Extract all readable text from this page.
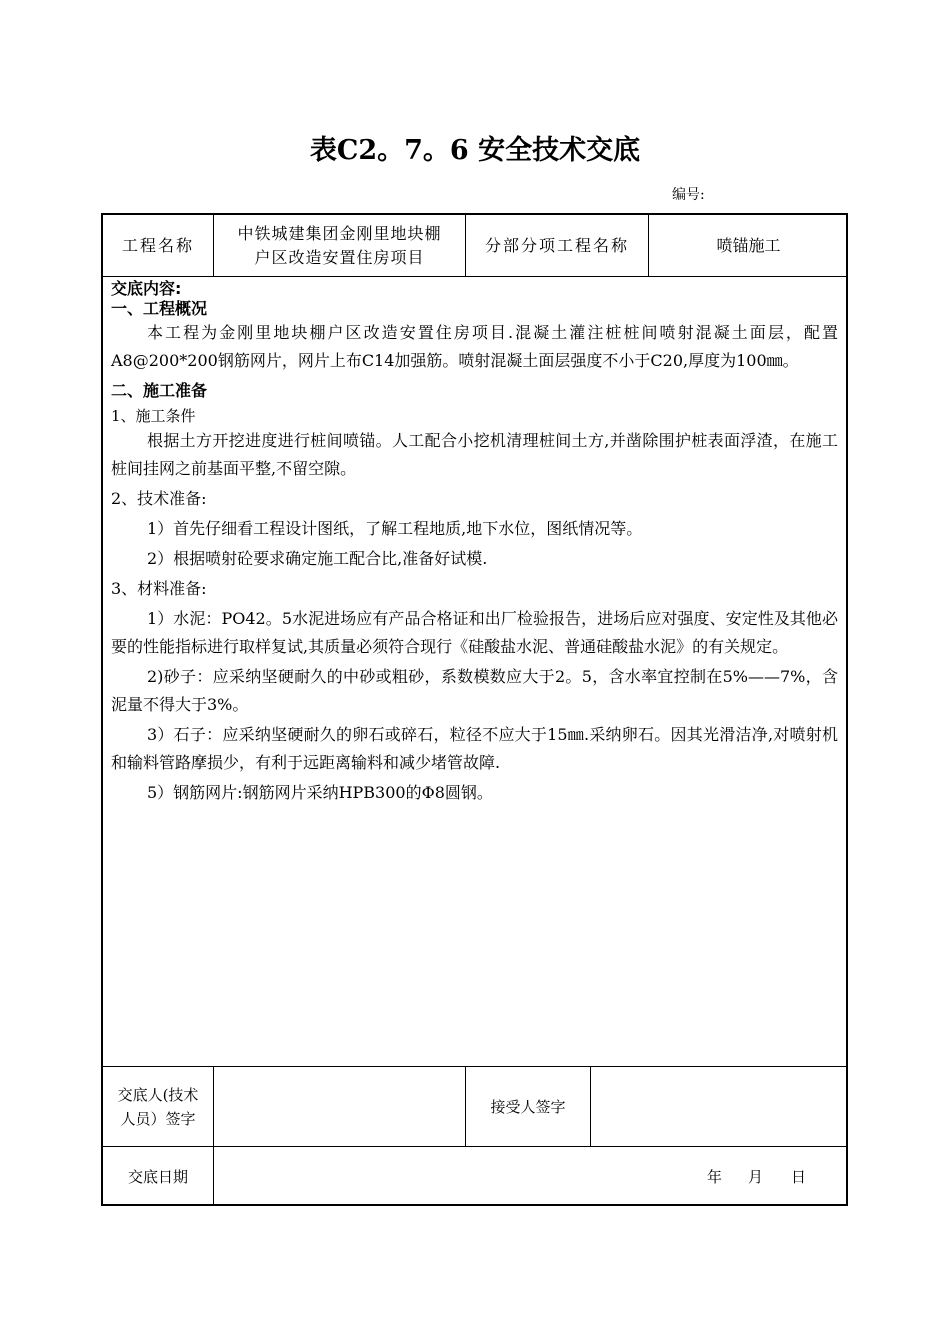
表C2。7。6 安全技术交底
编号:
工程名称
中铁城建集团金刚里地块棚
户区改造安置住房项目
分部分项工程名称	喷锚施工
交底内容:
一、工程概况
本工程为金刚里地块棚户区改造安置住房项目.混凝土灌注桩桩间喷射混凝土面层，配置A8@200*200钢筋网片，网片上布C14加强筋。喷射混凝土面层强度不小于C20,厚度为100㎜。
二、施工准备
1、施工条件
根据土方开挖进度进行桩间喷锚。人工配合小挖机清理桩间土方,并凿除围护桩表面浮渣，在施工桩间挂网之前基面平整,不留空隙。
2、技术准备:
1）首先仔细看工程设计图纸，了解工程地质,地下水位，图纸情况等。
2）根据喷射砼要求确定施工配合比,准备好试模.
3、材料准备:
1）水泥：PO42。5水泥进场应有产品合格证和出厂检验报告，进场后应对强度、安定性及其他必要的性能指标进行取样复试,其质量必须符合现行《硅酸盐水泥、普通硅酸盐水泥》的有关规定。
2)砂子：应采纳坚硬耐久的中砂或粗砂，系数模数应大于2。5，含水率宜控制在5%——7%，含泥量不得大于3%。
3）石子：应采纳坚硬耐久的卵石或碎石，粒径不应大于15㎜.采纳卵石。因其光滑洁净,对喷射机和输料管路摩损少，有利于远距离输料和减少堵管故障.
5）钢筋网片:钢筋网片采纳HPB300的Φ8圆钢。
交底人(技术
人员）签字
接受人签字
交底日期	年 月 日
